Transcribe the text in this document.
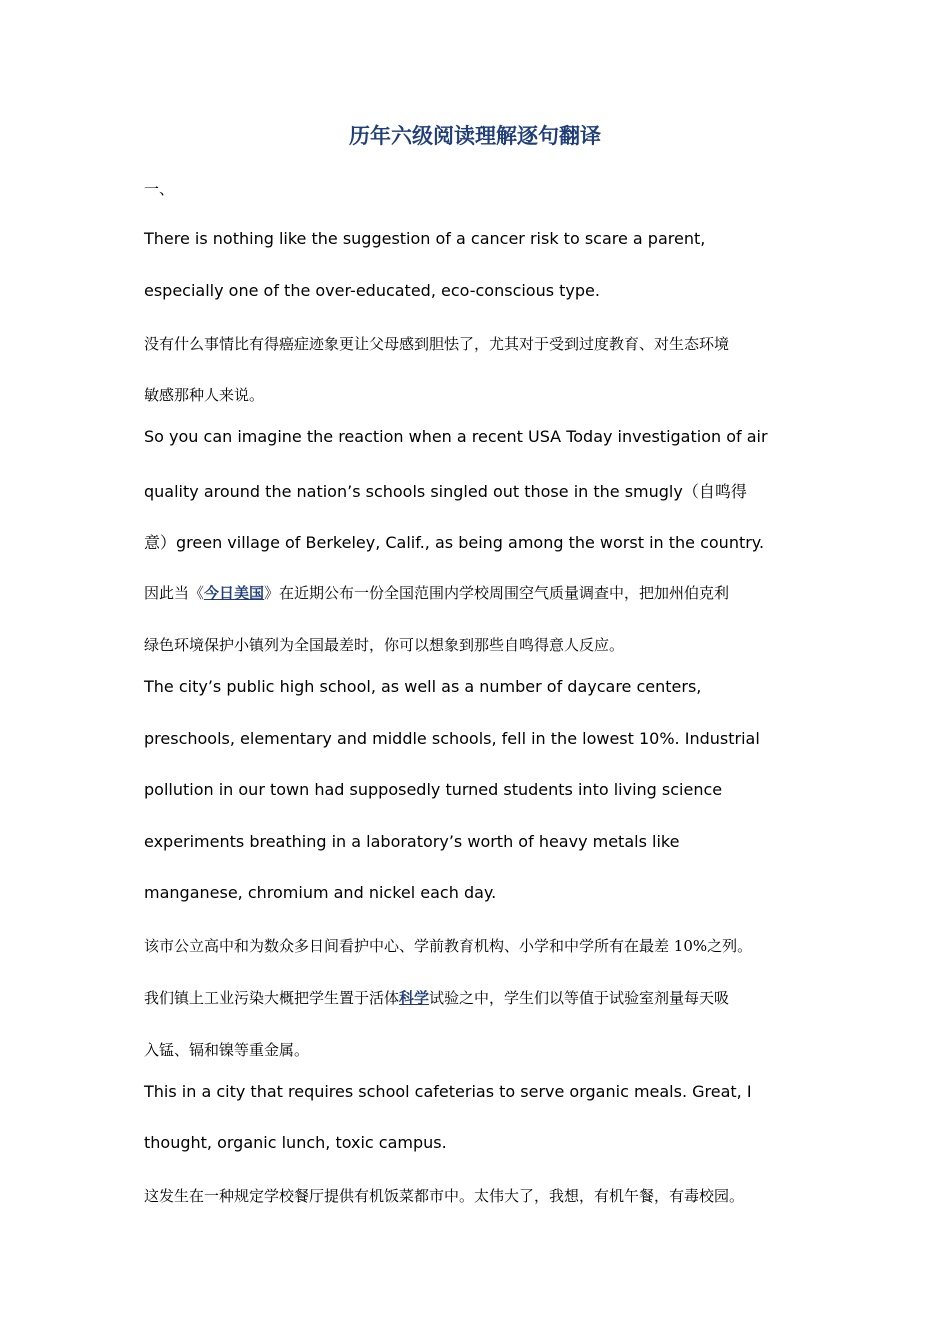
历年六级阅读理解逐句翻译
一、
There is nothing like the suggestion of a cancer risk to scare a parent,
especially one of the over-educated, eco-conscious type.
没有什么事情比有得癌症迹象更让父母感到胆怯了，尤其对于受到过度教育、对生态环境
敏感那种人来说。
So you can imagine the reaction when a recent USA Today investigation of air
quality around the nation’s schools singled out those in the smugly（自鸣得
意）green village of Berkeley, Calif., as being among the worst in the country.
因此当《今日美国》在近期公布一份全国范围内学校周围空气质量调查中，把加州伯克利
绿色环境保护小镇列为全国最差时，你可以想象到那些自鸣得意人反应。
The city’s public high school, as well as a number of daycare centers,
preschools, elementary and middle schools, fell in the lowest 10%. Industrial
pollution in our town had supposedly turned students into living science
experiments breathing in a laboratory’s worth of heavy metals like
manganese, chromium and nickel each day.
该市公立高中和为数众多日间看护中心、学前教育机构、小学和中学所有在最差 10%之列。
我们镇上工业污染大概把学生置于活体科学试验之中，学生们以等值于试验室剂量每天吸
入锰、镉和镍等重金属。
This in a city that requires school cafeterias to serve organic meals. Great, I
thought, organic lunch, toxic campus.
这发生在一种规定学校餐厅提供有机饭菜都市中。太伟大了，我想，有机午餐，有毒校园。
